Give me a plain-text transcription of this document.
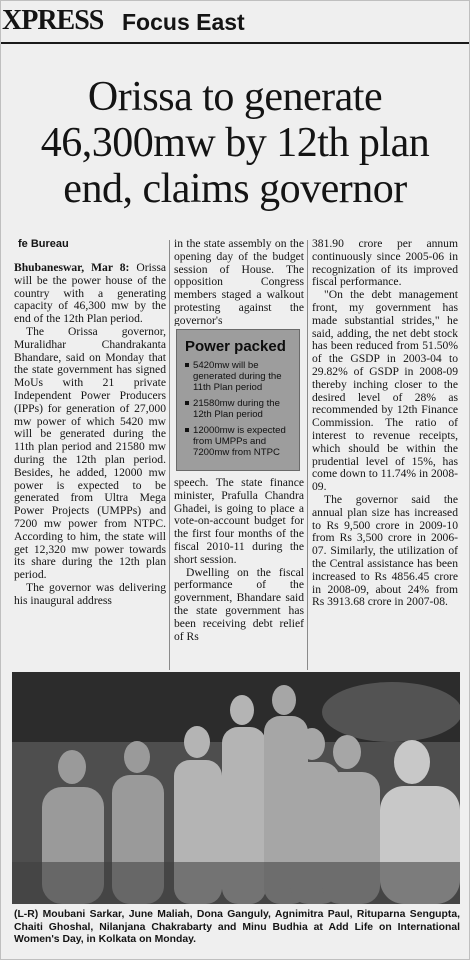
XPRESS Focus East
Orissa to generate
46,300mw by 12th plan
end, claims governor
fe Bureau

Bhubaneswar, Mar 8: Orissa will be the power house of the country with a generating capacity of 46,300 mw by the end of the 12th Plan period.

The Orissa governor, Muralidhar Chandrakanta Bhandare, said on Monday that the state government has signed MoUs with 21 private Independent Power Producers (IPPs) for generation of 27,000 mw power of which 5420 mw will be generated during the 11th plan period and 21580 mw during the 12th plan period. Besides, he added, 12000 mw power is expected to be generated from Ultra Mega Power Projects (UMPPs) and 7200 mw power from NTPC. According to him, the state will get 12,320 mw power towards its share during the 12th plan period.

The governor was delivering his inaugural address

in the state assembly on the opening day of the budget session of House. The opposition Congress members staged a walkout protesting against the governor's

Power packed
5420mw will be generated during the 11th Plan period
21580mw during the 12th Plan period
12000mw is expected from UMPPs and 7200mw from NTPC

speech. The state finance minister, Prafulla Chandra Ghadei, is going to place a vote-on-account budget for the first four months of the fiscal 2010-11 during the short session.

Dwelling on the fiscal performance of the government, Bhandare said the state government has been receiving debt relief of Rs

381.90 crore per annum continuously since 2005-06 in recognization of its improved fiscal performance.

"On the debt management front, my government has made substantial strides," he said, adding, the net debt stock has been reduced from 51.50% of the GSDP in 2003-04 to 29.82% of GSDP in 2008-09 thereby inching closer to the desired level of 28% as recommended by 12th Finance Commission. The ratio of interest to revenue receipts, which should be within the prudential level of 15%, has come down to 11.74% in 2008-09.

The governor said the annual plan size has increased to Rs 9,500 crore in 2009-10 from Rs 3,500 crore in 2006-07. Similarly, the utilization of the Central assistance has been increased to Rs 4856.45 crore in 2008-09, about 24% from Rs 3913.68 crore in 2007-08.

(L-R) Moubani Sarkar, June Maliah, Dona Ganguly, Agnimitra Paul, Rituparna Sengupta, Chaiti Ghoshal, Nilanjana Chakrabarty and Minu Budhia at Add Life on International Women's Day, in Kolkata on Monday.
